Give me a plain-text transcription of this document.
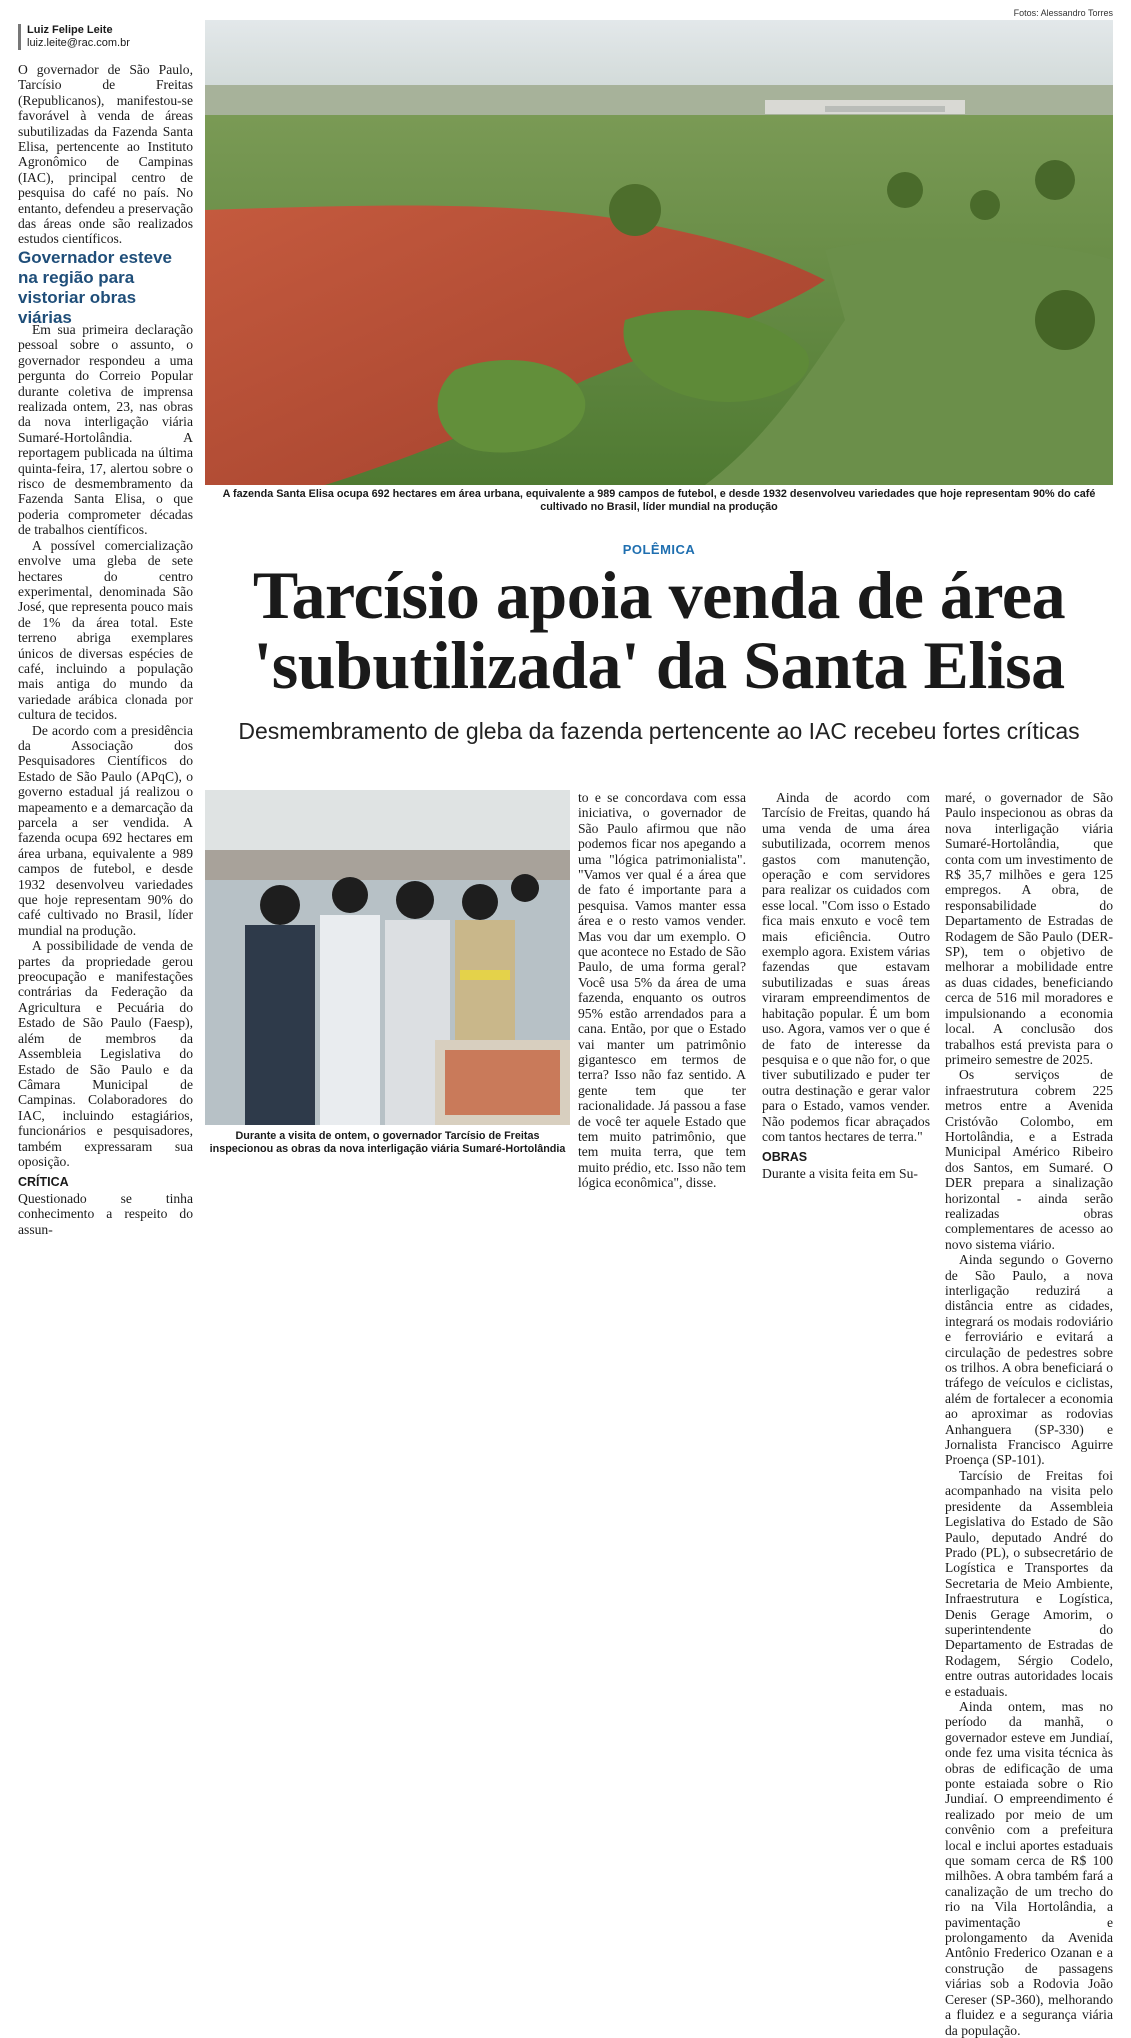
Luiz Felipe Leite
luiz.leite@rac.com.br
Fotos: Alessandro Torres

O governador de São Paulo, Tarcísio de Freitas (Republicanos), manifestou-se favorável à venda de áreas subutilizadas da Fazenda Santa Elisa, pertencente ao Instituto Agronômico de Campinas (IAC), principal centro de pesquisa do café no país. No entanto, defendeu a preservação das áreas onde são realizados estudos científicos.

Governador esteve na região para vistoriar obras viárias

Em sua primeira declaração pessoal sobre o assunto, o governador respondeu a uma pergunta do Correio Popular durante coletiva de imprensa realizada ontem, 23, nas obras da nova interligação viária Sumaré-Hortolândia. A reportagem publicada na última quinta-feira, 17, alertou sobre o risco de desmembramento da Fazenda Santa Elisa, o que poderia comprometer décadas de trabalhos científicos.

A possível comercialização envolve uma gleba de sete hectares do centro experimental, denominada São José, que representa pouco mais de 1% da área total. Este terreno abriga exemplares únicos de diversas espécies de café, incluindo a população mais antiga do mundo da variedade arábica clonada por cultura de tecidos.

De acordo com a presidência da Associação dos Pesquisadores Científicos do Estado de São Paulo (APqC), o governo estadual já realizou o mapeamento e a demarcação da parcela a ser vendida. A fazenda ocupa 692 hectares em área urbana, equivalente a 989 campos de futebol, e desde 1932 desenvolveu variedades que hoje representam 90% do café cultivado no Brasil, líder mundial na produção.

A possibilidade de venda de partes da propriedade gerou preocupação e manifestações contrárias da Federação da Agricultura e Pecuária do Estado de São Paulo (Faesp), além de membros da Assembleia Legislativa do Estado de São Paulo e da Câmara Municipal de Campinas. Colaboradores do IAC, incluindo estagiários, funcionários e pesquisadores, também expressaram sua oposição.

CRÍTICA

Questionado se tinha conhecimento a respeito do assun-

A fazenda Santa Elisa ocupa 692 hectares em área urbana, equivalente a 989 campos de futebol, e desde 1932 desenvolveu variedades que hoje representam 90% do café cultivado no Brasil, líder mundial na produção
POLÊMICA
Tarcísio apoia venda de área 'subutilizada' da Santa Elisa
Desmembramento de gleba da fazenda pertencente ao IAC recebeu fortes críticas
Durante a visita de ontem, o governador Tarcísio de Freitas inspecionou as obras da nova interligação viária Sumaré-Hortolândia

to e se concordava com essa iniciativa, o governador de São Paulo afirmou que não podemos ficar nos apegando a uma "lógica patrimonialista". "Vamos ver qual é a área que de fato é importante para a pesquisa. Vamos manter essa área e o resto vamos vender. Mas vou dar um exemplo. O que acontece no Estado de São Paulo, de uma forma geral? Você usa 5% da área de uma fazenda, enquanto os outros 95% estão arrendados para a cana. Então, por que o Estado vai manter um patrimônio gigantesco em termos de terra? Isso não faz sentido. A gente tem que ter racionalidade. Já passou a fase de você ter aquele Estado que tem muito patrimônio, que tem muita terra, que tem muito prédio, etc. Isso não tem lógica econômica", disse.

Ainda de acordo com Tarcísio de Freitas, quando há uma venda de uma área subutilizada, ocorrem menos gastos com manutenção, operação e com servidores para realizar os cuidados com esse local. "Com isso o Estado fica mais enxuto e você tem mais eficiência. Outro exemplo agora. Existem várias fazendas que estavam subutilizadas e suas áreas viraram empreendimentos de habitação popular. É um bom uso. Agora, vamos ver o que é de fato de interesse da pesquisa e o que não for, o que tiver subutilizado e puder ter outra destinação e gerar valor para o Estado, vamos vender. Não podemos ficar abraçados com tantos hectares de terra."

OBRAS

Durante a visita feita em Su-

maré, o governador de São Paulo inspecionou as obras da nova interligação viária Sumaré-Hortolândia, que conta com um investimento de R$ 35,7 milhões e gera 125 empregos. A obra, de responsabilidade do Departamento de Estradas de Rodagem de São Paulo (DER-SP), tem o objetivo de melhorar a mobilidade entre as duas cidades, beneficiando cerca de 516 mil moradores e impulsionando a economia local. A conclusão dos trabalhos está prevista para o primeiro semestre de 2025.

Os serviços de infraestrutura cobrem 225 metros entre a Avenida Cristóvão Colombo, em Hortolândia, e a Estrada Municipal Américo Ribeiro dos Santos, em Sumaré. O DER prepara a sinalização horizontal - ainda serão realizadas obras complementares de acesso ao novo sistema viário.

Ainda segundo o Governo de São Paulo, a nova interligação reduzirá a distância entre as cidades, integrará os modais rodoviário e ferroviário e evitará a circulação de pedestres sobre os trilhos. A obra beneficiará o tráfego de veículos e ciclistas, além de fortalecer a economia ao aproximar as rodovias Anhanguera (SP-330) e Jornalista Francisco Aguirre Proença (SP-101).

Tarcísio de Freitas foi acompanhado na visita pelo presidente da Assembleia Legislativa do Estado de São Paulo, deputado André do Prado (PL), o subsecretário de Logística e Transportes da Secretaria de Meio Ambiente, Infraestrutura e Logística, Denis Gerage Amorim, o superintendente do Departamento de Estradas de Rodagem, Sérgio Codelo, entre outras autoridades locais e estaduais.

Ainda ontem, mas no período da manhã, o governador esteve em Jundiaí, onde fez uma visita técnica às obras de edificação de uma ponte estaiada sobre o Rio Jundiaí. O empreendimento é realizado por meio de um convênio com a prefeitura local e inclui aportes estaduais que somam cerca de R$ 100 milhões. A obra também fará a canalização de um trecho do rio na Vila Hortolândia, a pavimentação e prolongamento da Avenida Antônio Frederico Ozanan e a construção de passagens viárias sob a Rodovia João Cereser (SP-360), melhorando a fluidez e a segurança viária da população.
